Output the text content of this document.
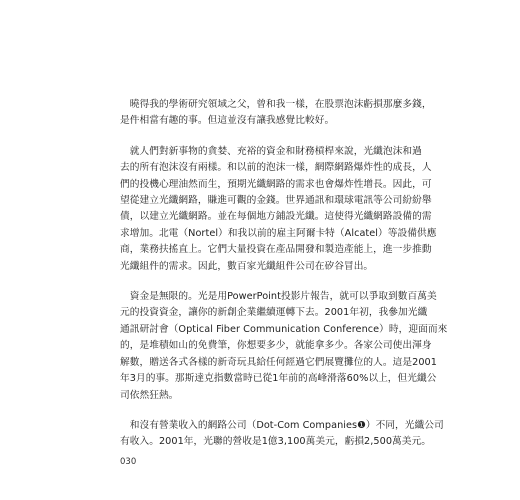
　曉得我的學術研究領域之父，曾和我一樣，在股票泡沫虧損那麼多錢，
是件相當有趣的事。但這並沒有讓我感覺比較好。

　就人們對新事物的貪婪、充裕的資金和財務槓桿來說，光纖泡沫和過
去的所有泡沫沒有兩樣。和以前的泡沫一樣，網際網路爆炸性的成長，人
們的投機心理油然而生，預期光纖網路的需求也會爆炸性增長。因此，可
望從建立光纖網路，賺進可觀的金錢。世界通訊和環球電訊等公司紛紛舉
債，以建立光纖網路。並在每個地方鋪設光纖。這使得光纖網路設備的需
求增加。北電（Nortel）和我以前的雇主阿爾卡特（Alcatel）等設備供應
商，業務扶搖直上。它們大量投資在產品開發和製造產能上，進一步推動
光纖組件的需求。因此，數百家光纖組件公司在矽谷冒出。

　資金是無限的。光是用PowerPoint投影片報告，就可以爭取到數百萬美
元的投資資金，讓你的新創企業繼續運轉下去。2001年初，我參加光纖
通訊研討會（Optical Fiber Communication Conference）時，迎面而來
的，是堆積如山的免費筆，你想要多少，就能拿多少。各家公司使出渾身
解數，贈送各式各樣的新奇玩具給任何經過它們展覽攤位的人。這是2001
年3月的事。那斯達克指數當時已從1年前的高峰滑落60%以上，但光纖公
司依然狂熱。

　和沒有營業收入的網路公司（Dot-Com Companies❶）不同，光纖公司
有收入。2001年，光聯的營收是1億3,100萬美元，虧損2,500萬美元。

030
